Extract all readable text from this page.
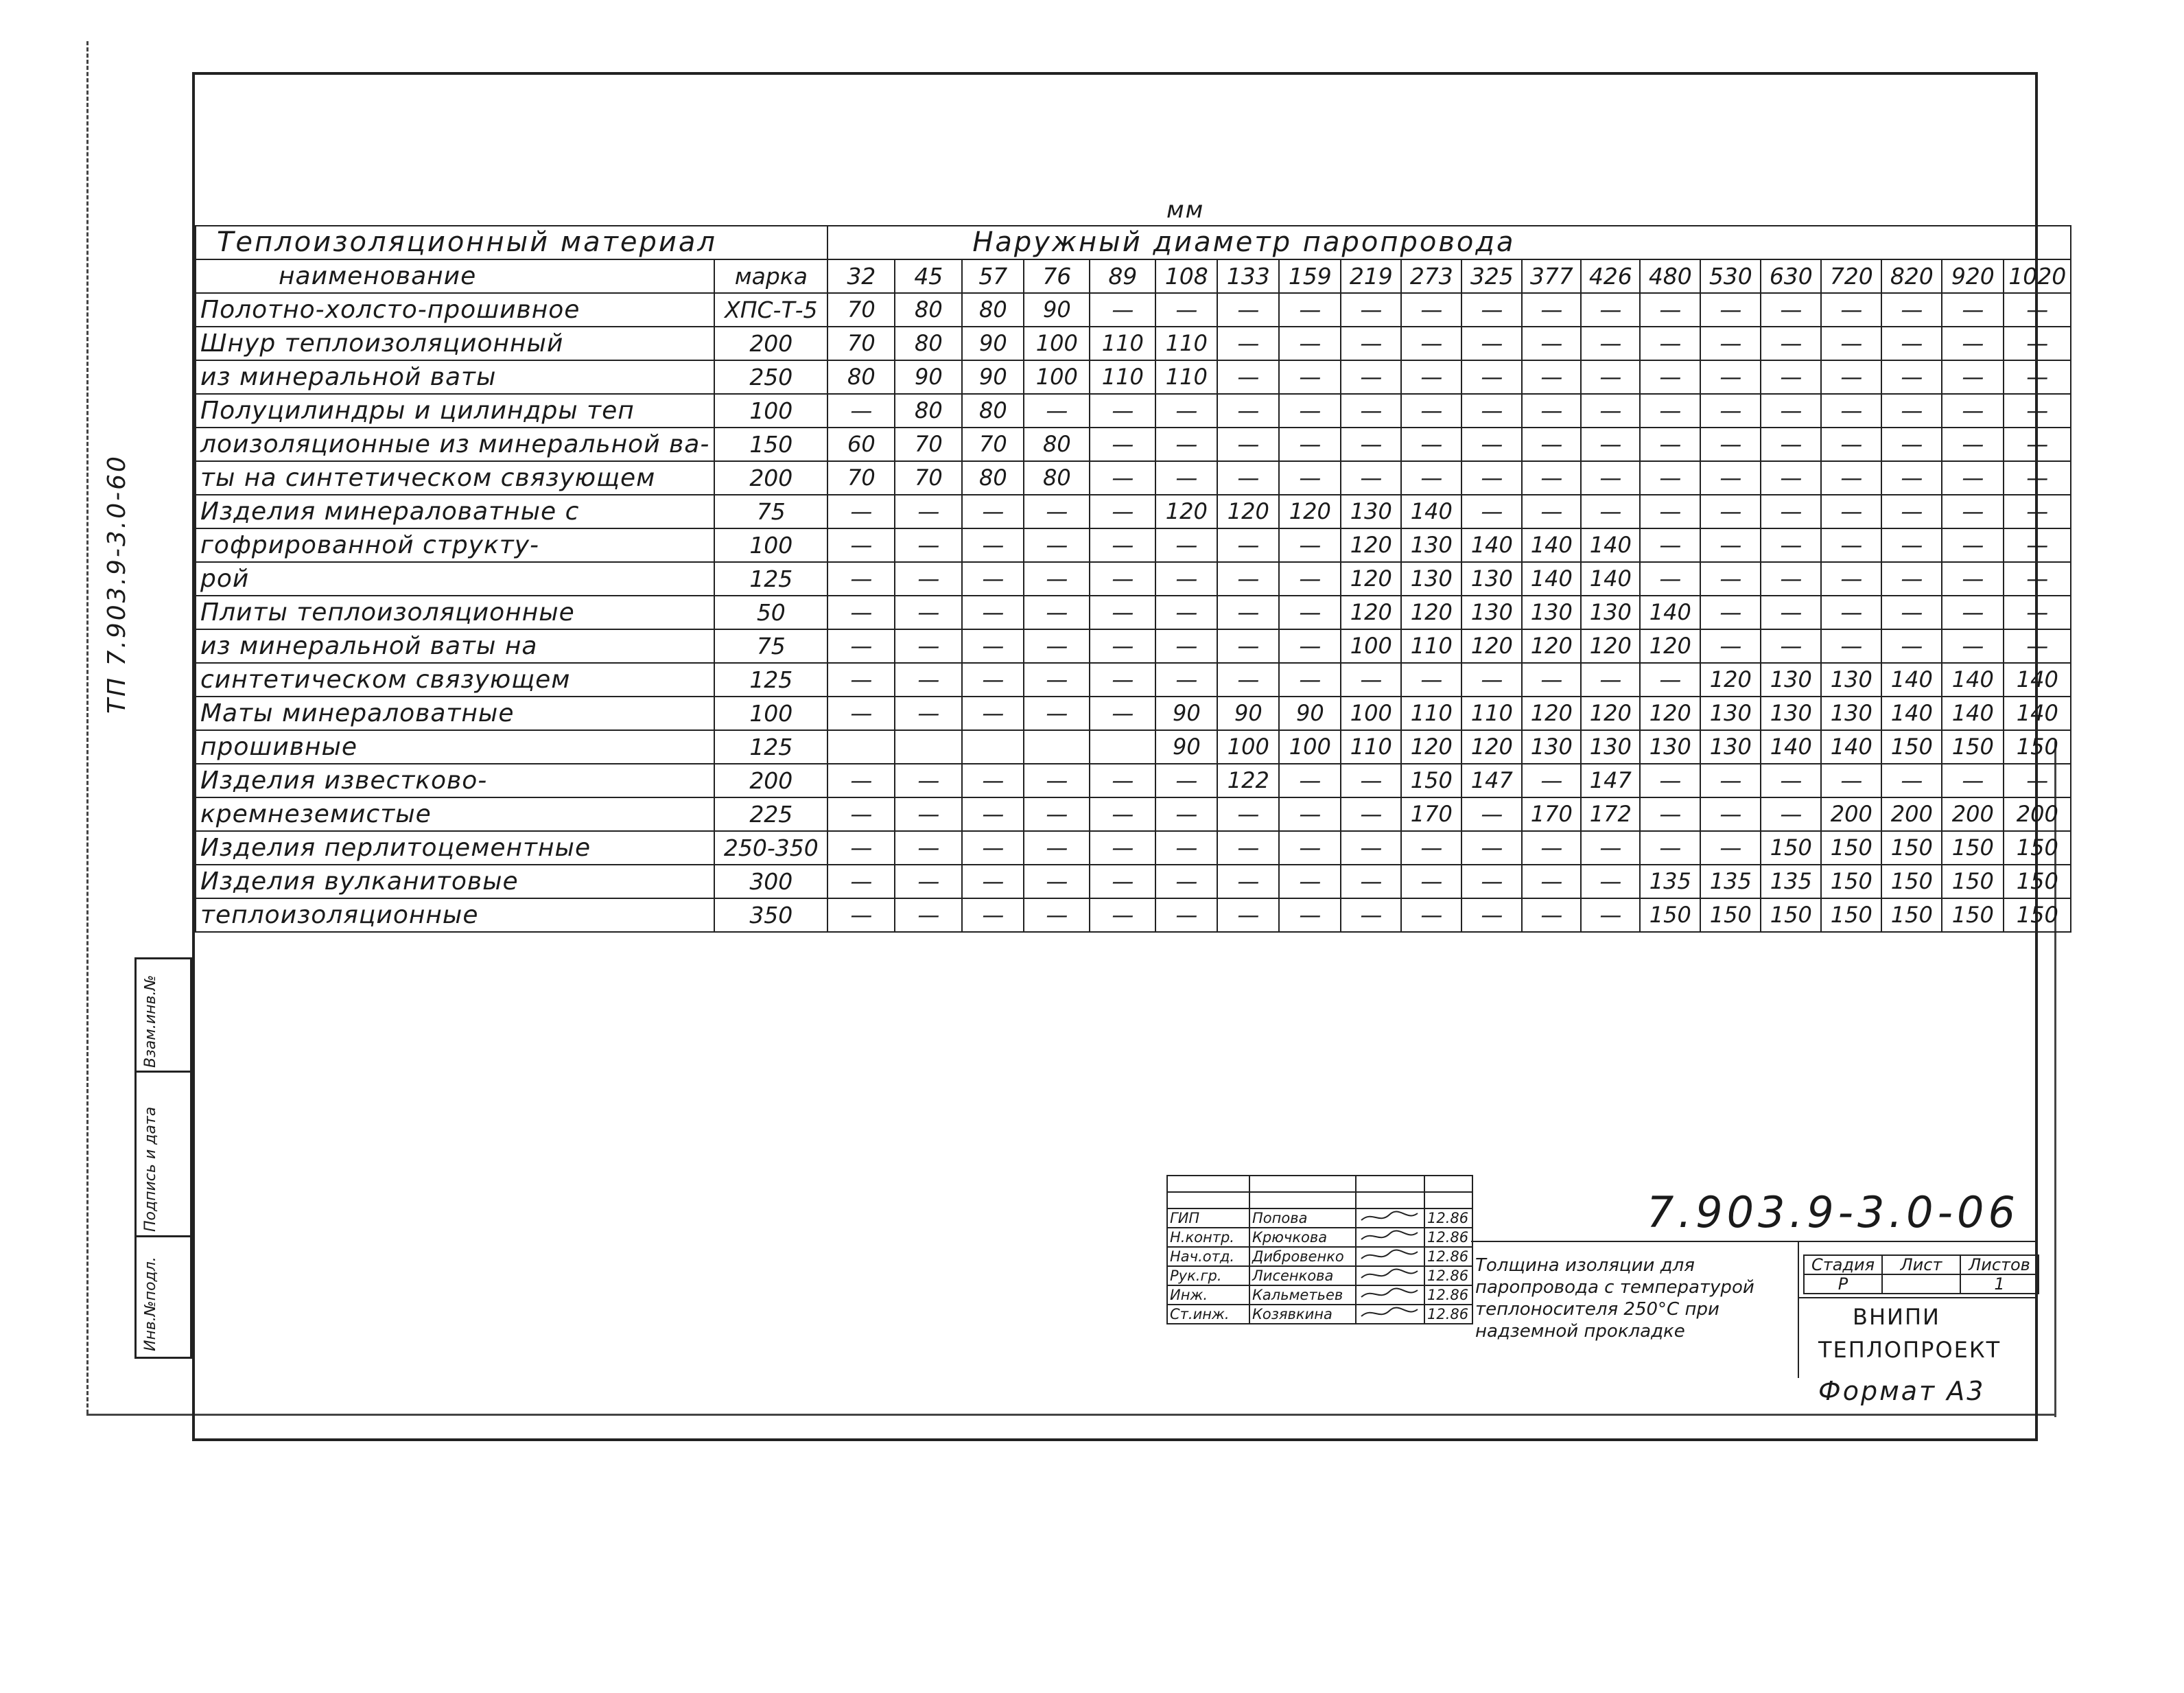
мм
Теплоизоляционный материал		Наружный диаметр паропровода																			
наименование	марка	32	45	57	76	89	108	133	159	219	273	325	377	426	480	530	630	720	820	920	1020
Полотно-холсто-прошивное	ХПС-Т-5	70	80	80	90	—	—	—	—	—	—	—	—	—	—	—	—	—	—	—	—
Шнур теплоизоляционный	200	70	80	90	100	110	110	—	—	—	—	—	—	—	—	—	—	—	—	—	—
из минеральной ваты	250	80	90	90	100	110	110	—	—	—	—	—	—	—	—	—	—	—	—	—	—
Полуцилиндры и цилиндры теп	100	—	80	80	—	—	—	—	—	—	—	—	—	—	—	—	—	—	—	—	—
лоизоляционные из минеральной ва-	150	60	70	70	80	—	—	—	—	—	—	—	—	—	—	—	—	—	—	—	—
ты на синтетическом связующем	200	70	70	80	80	—	—	—	—	—	—	—	—	—	—	—	—	—	—	—	—
Изделия минераловатные с	75	—	—	—	—	—	120	120	120	130	140	—	—	—	—	—	—	—	—	—	—
гофрированной структу-	100	—	—	—	—	—	—	—	—	120	130	140	140	140	—	—	—	—	—	—	—
рой	125	—	—	—	—	—	—	—	—	120	130	130	140	140	—	—	—	—	—	—	—
Плиты теплоизоляционные	50	—	—	—	—	—	—	—	—	120	120	130	130	130	140	—	—	—	—	—	—
из минеральной ваты на	75	—	—	—	—	—	—	—	—	100	110	120	120	120	120	—	—	—	—	—	—
синтетическом связующем	125	—	—	—	—	—	—	—	—	—	—	—	—	—	—	120	130	130	140	140	140
Маты минераловатные	100	—	—	—	—	—	90	90	90	100	110	110	120	120	120	130	130	130	140	140	140
прошивные	125						90	100	100	110	120	120	130	130	130	130	140	140	150	150	150
Изделия известково-	200	—	—	—	—	—	—	122	—	—	150	147	—	147	—	—	—	—	—	—	—
кремнеземистые	225	—	—	—	—	—	—	—	—	—	170	—	170	172	—	—	—	200	200	200	200
Изделия перлитоцементные	250-350	—	—	—	—	—	—	—	—	—	—	—	—	—	—	—	150	150	150	150	150
Изделия вулканитовые	300	—	—	—	—	—	—	—	—	—	—	—	—	—	135	135	135	150	150	150	150
теплоизоляционные	350	—	—	—	—	—	—	—	—	—	—	—	—	—	150	150	150	150	150	150	150
ТП 7.903.9-3.0-60
Взам.инв.№
Подпись и дата
Инв.№подл.

ГИП	Попова		12.86
Н.контр.	Крючкова		12.86
Нач.отд.	Дибровенко		12.86
Рук.гр.	Лисенкова		12.86
Инж.	Кальметьев		12.86
Ст.инж.	Козявкина		12.86
7.903.9-3.0-06
Толщина изоляции для паропровода с температурой теплоносителя 250°С при надземной прокладке
Стадия	Лист	Листов
Р		1
ВНИПИ
ТЕПЛОПРОЕКТ
Формат А3
